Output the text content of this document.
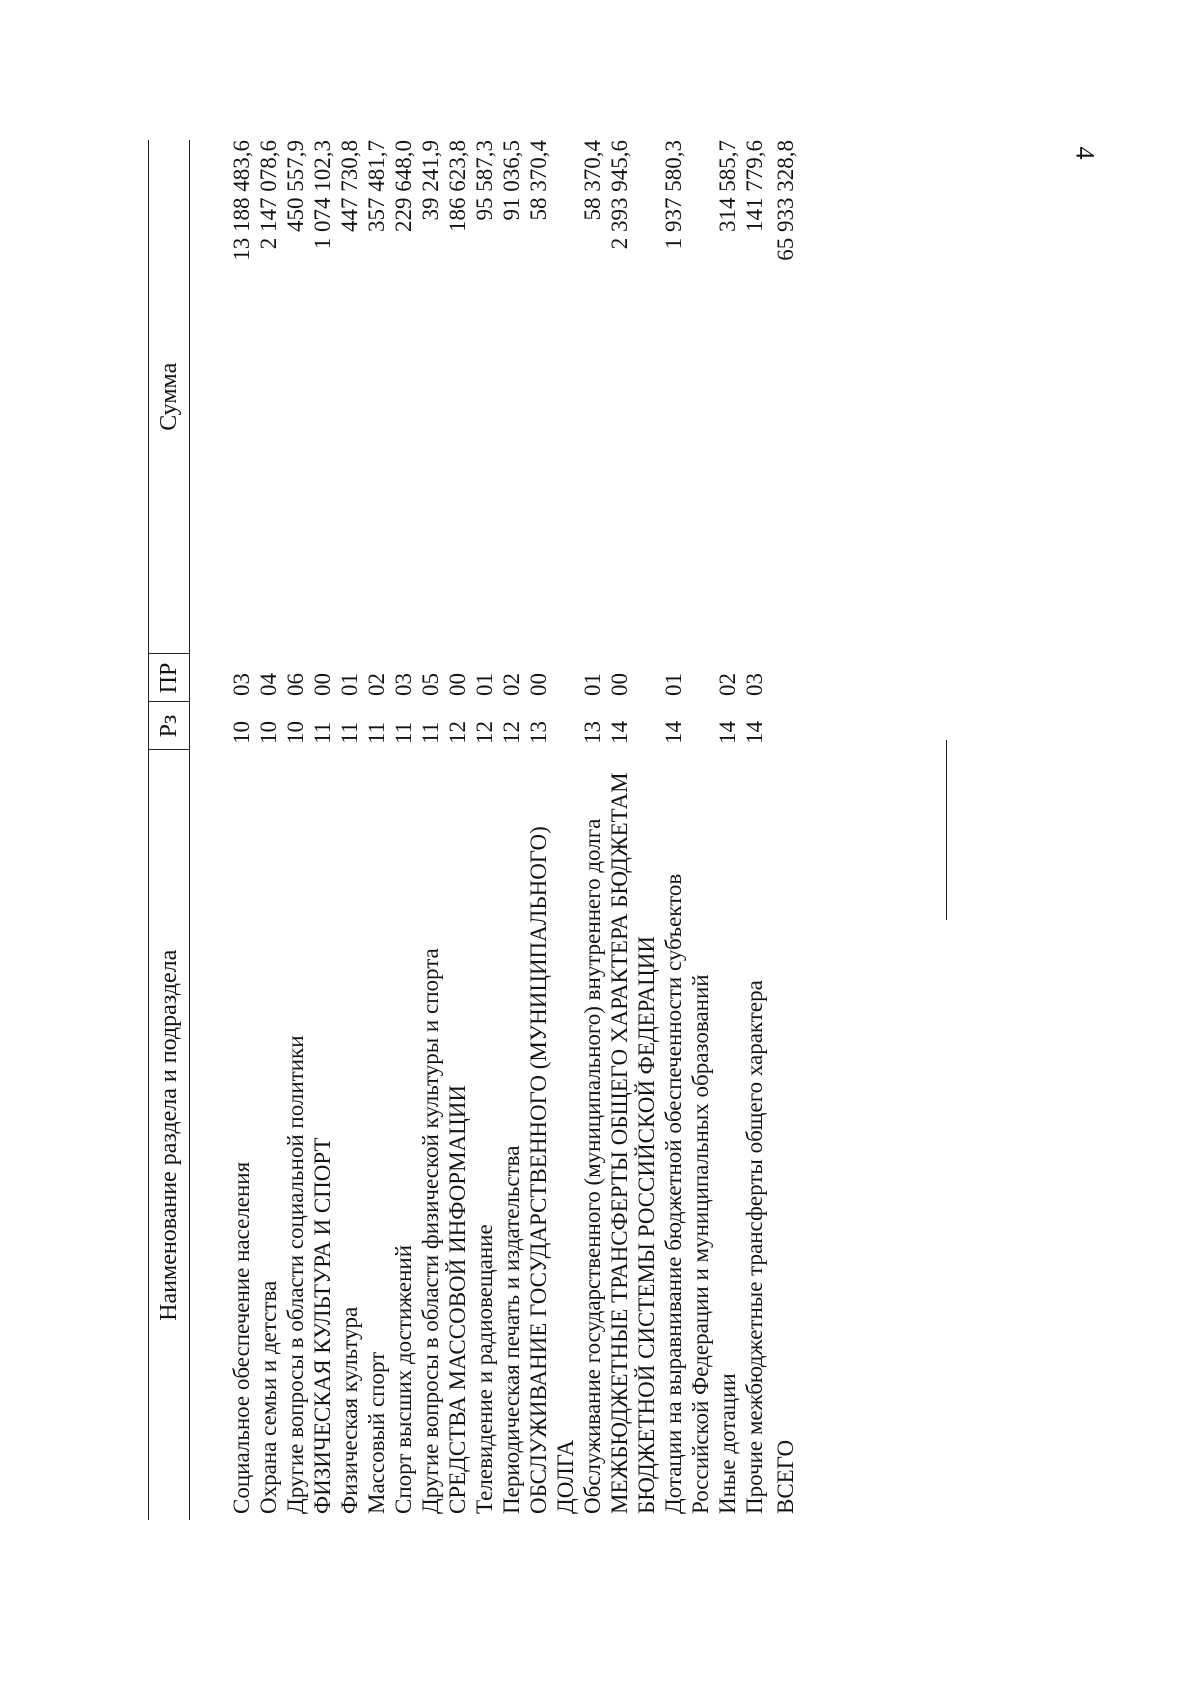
4
Наименование раздела и подраздела	Рз	ПР	Сумма

Социальное обеспечение населения	10	03	13 188 483,6
Охрана семьи и детства	10	04	2 147 078,6
Другие вопросы в области социальной политики	10	06	450 557,9
ФИЗИЧЕСКАЯ КУЛЬТУРА И СПОРТ	11	00	1 074 102,3
Физическая культура	11	01	447 730,8
Массовый спорт	11	02	357 481,7
Спорт высших достижений	11	03	229 648,0
Другие вопросы в области физической культуры и спорта	11	05	39 241,9
СРЕДСТВА МАССОВОЙ ИНФОРМАЦИИ	12	00	186 623,8
Телевидение и радиовещание	12	01	95 587,3
Периодическая печать и издательства	12	02	91 036,5
ОБСЛУЖИВАНИЕ ГОСУДАРСТВЕННОГО (МУНИЦИПАЛЬНОГО) ДОЛГА	13	00	58 370,4
Обслуживание государственного (муниципального) внутреннего долга	13	01	58 370,4
МЕЖБЮДЖЕТНЫЕ ТРАНСФЕРТЫ ОБЩЕГО ХАРАКТЕРА БЮДЖЕТАМ БЮДЖЕТНОЙ СИСТЕМЫ РОССИЙСКОЙ ФЕДЕРАЦИИ	14	00	2 393 945,6
Дотации на выравнивание бюджетной обеспеченности субъектов Российской Федерации и муниципальных образований	14	01	1 937 580,3
Иные дотации	14	02	314 585,7
Прочие межбюджетные трансферты общего характера	14	03	141 779,6
ВСЕГО			65 933 328,8
